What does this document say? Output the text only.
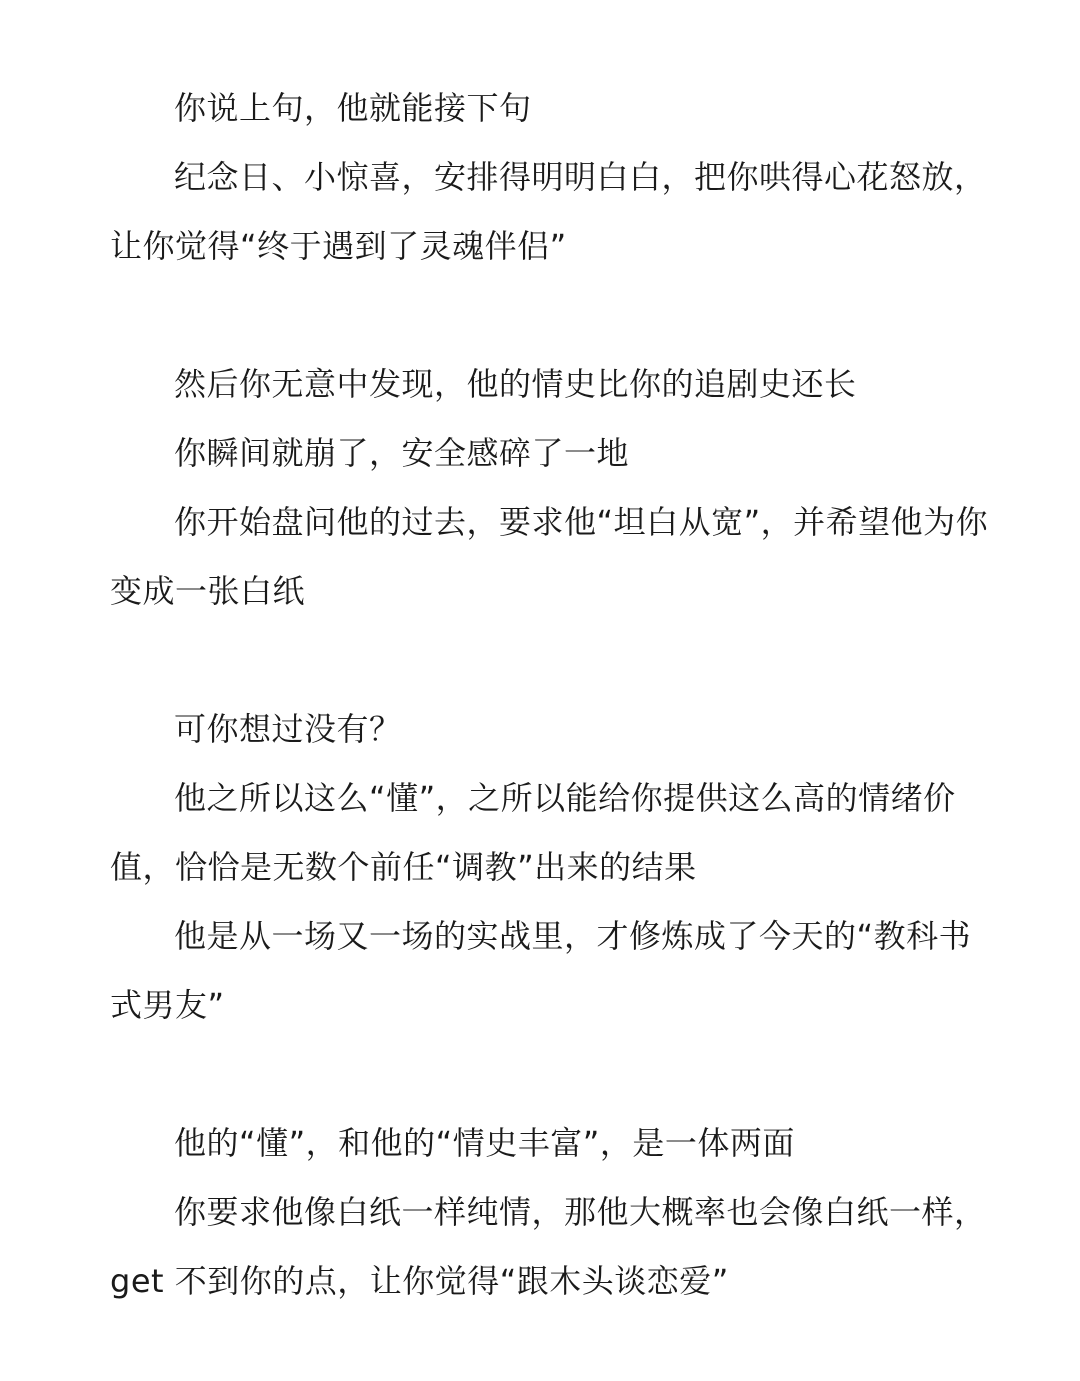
你说上句，他就能接下句

纪念日、小惊喜，安排得明明白白，把你哄得心花怒放，让你觉得“终于遇到了灵魂伴侣”

然后你无意中发现，他的情史比你的追剧史还长

你瞬间就崩了，安全感碎了一地

你开始盘问他的过去，要求他“坦白从宽”，并希望他为你变成一张白纸

可你想过没有？

他之所以这么“懂”，之所以能给你提供这么高的情绪价值，恰恰是无数个前任“调教”出来的结果

他是从一场又一场的实战里，才修炼成了今天的“教科书式男友”

他的“懂”，和他的“情史丰富”，是一体两面

你要求他像白纸一样纯情，那他大概率也会像白纸一样，get 不到你的点，让你觉得“跟木头谈恋爱”
